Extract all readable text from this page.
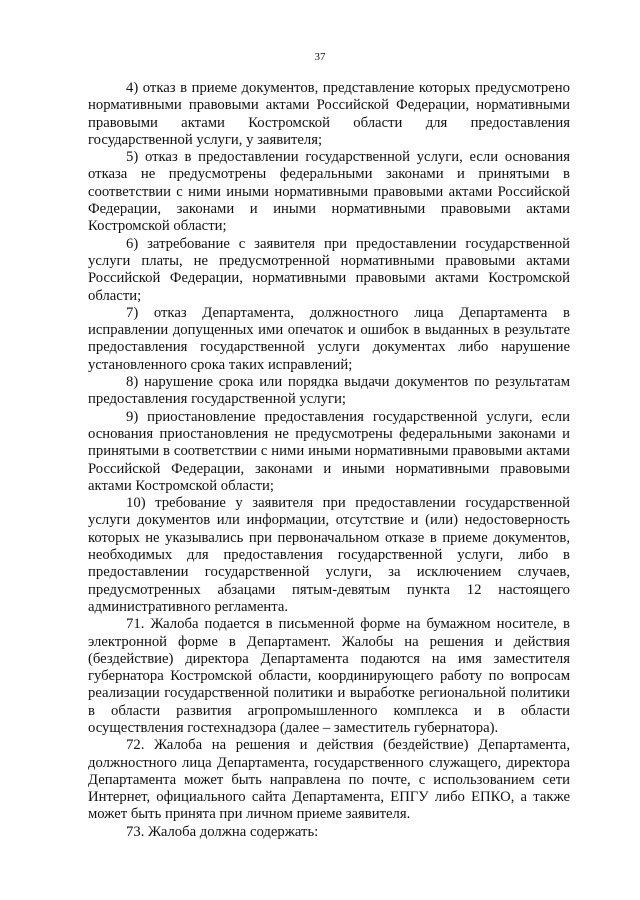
37

4) отказ в приеме документов, представление которых предусмотрено нормативными правовыми актами Российской Федерации, нормативными правовыми актами Костромской области для предоставления государственной услуги, у заявителя;

5) отказ в предоставлении государственной услуги, если основания отказа не предусмотрены федеральными законами и принятыми в соответствии с ними иными нормативными правовыми актами Российской Федерации, законами и иными нормативными правовыми актами Костромской области;

6) затребование с заявителя при предоставлении государственной услуги платы, не предусмотренной нормативными правовыми актами Российской Федерации, нормативными правовыми актами Костромской области;

7) отказ Департамента, должностного лица Департамента в исправлении допущенных ими опечаток и ошибок в выданных в результате предоставления государственной услуги документах либо нарушение установленного срока таких исправлений;

8) нарушение срока или порядка выдачи документов по результатам предоставления государственной услуги;

9) приостановление предоставления государственной услуги, если основания приостановления не предусмотрены федеральными законами и принятыми в соответствии с ними иными нормативными правовыми актами Российской Федерации, законами и иными нормативными правовыми актами Костромской области;

10) требование у заявителя при предоставлении государственной услуги документов или информации, отсутствие и (или) недостоверность которых не указывались при первоначальном отказе в приеме документов, необходимых для предоставления государственной услуги, либо в предоставлении государственной услуги, за исключением случаев, предусмотренных абзацами пятым-девятым пункта 12 настоящего административного регламента.

71. Жалоба подается в письменной форме на бумажном носителе, в электронной форме в Департамент. Жалобы на решения и действия (бездействие) директора Департамента подаются на имя заместителя губернатора Костромской области, координирующего работу по вопросам реализации государственной политики и выработке региональной политики в области развития агропромышленного комплекса и в области осуществления гостехнадзора (далее – заместитель губернатора).

72. Жалоба на решения и действия (бездействие) Департамента, должностного лица Департамента, государственного служащего, директора Департамента может быть направлена по почте, с использованием сети Интернет, официального сайта Департамента, ЕПГУ либо ЕПКО, а также может быть принята при личном приеме заявителя.

73. Жалоба должна содержать:
